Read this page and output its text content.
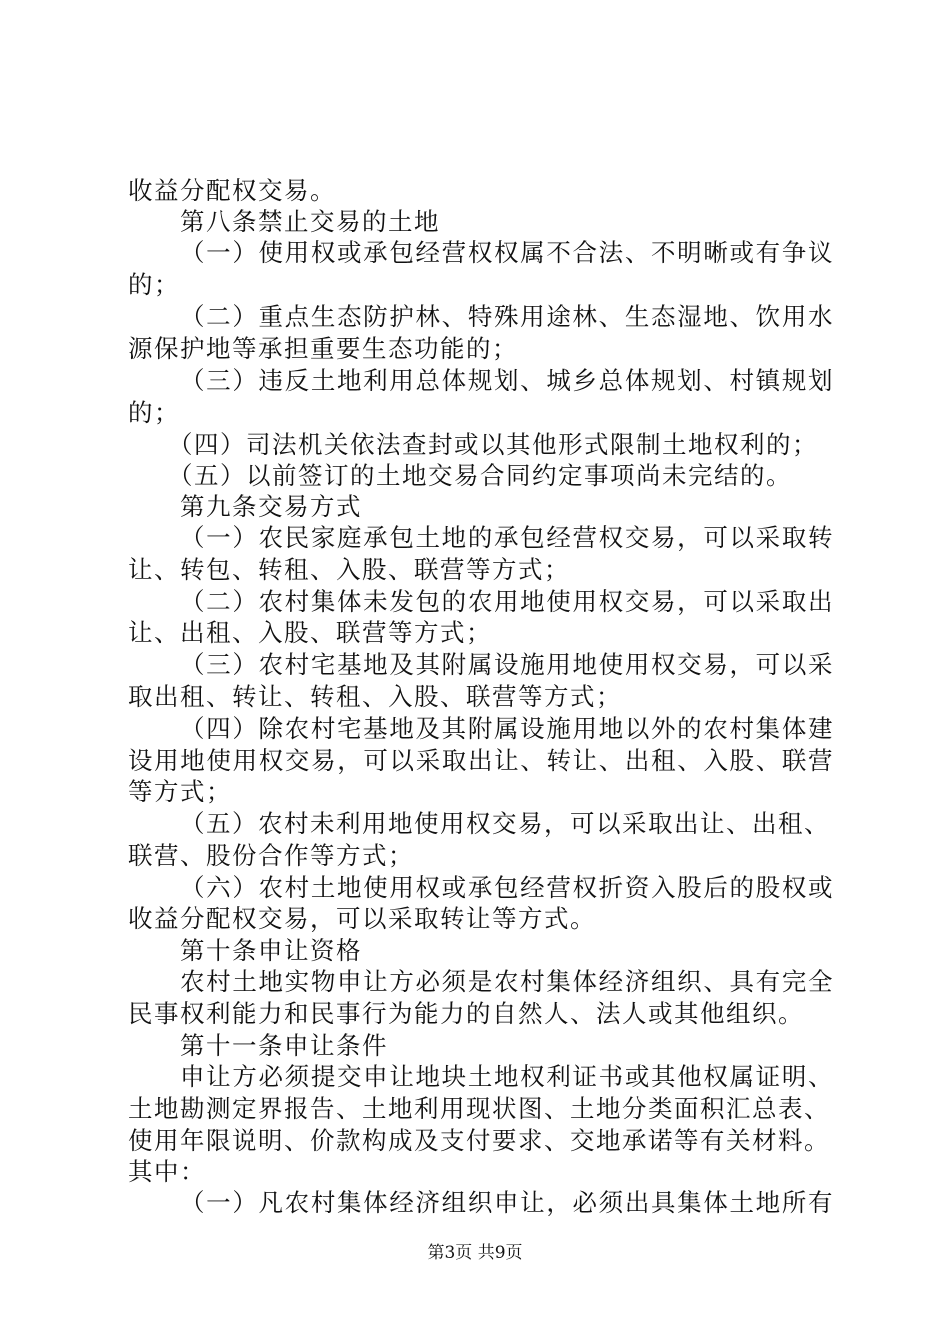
收益分配权交易。
第八条禁止交易的土地
（一）使用权或承包经营权权属不合法、不明晰或有争议
的；
（二）重点生态防护林、特殊用途林、生态湿地、饮用水
源保护地等承担重要生态功能的；
（三）违反土地利用总体规划、城乡总体规划、村镇规划
的；
（四）司法机关依法查封或以其他形式限制土地权利的；
（五）以前签订的土地交易合同约定事项尚未完结的。
第九条交易方式
（一）农民家庭承包土地的承包经营权交易，可以采取转
让、转包、转租、入股、联营等方式；
（二）农村集体未发包的农用地使用权交易，可以采取出
让、出租、入股、联营等方式；
（三）农村宅基地及其附属设施用地使用权交易，可以采
取出租、转让、转租、入股、联营等方式；
（四）除农村宅基地及其附属设施用地以外的农村集体建
设用地使用权交易，可以采取出让、转让、出租、入股、联营
等方式；
（五）农村未利用地使用权交易，可以采取出让、出租、
联营、股份合作等方式；
（六）农村土地使用权或承包经营权折资入股后的股权或
收益分配权交易，可以采取转让等方式。
第十条申让资格
农村土地实物申让方必须是农村集体经济组织、具有完全
民事权利能力和民事行为能力的自然人、法人或其他组织。
第十一条申让条件
申让方必须提交申让地块土地权利证书或其他权属证明、
土地勘测定界报告、土地利用现状图、土地分类面积汇总表、
使用年限说明、价款构成及支付要求、交地承诺等有关材料。
其中：
（一）凡农村集体经济组织申让，必须出具集体土地所有
第3页 共9页
